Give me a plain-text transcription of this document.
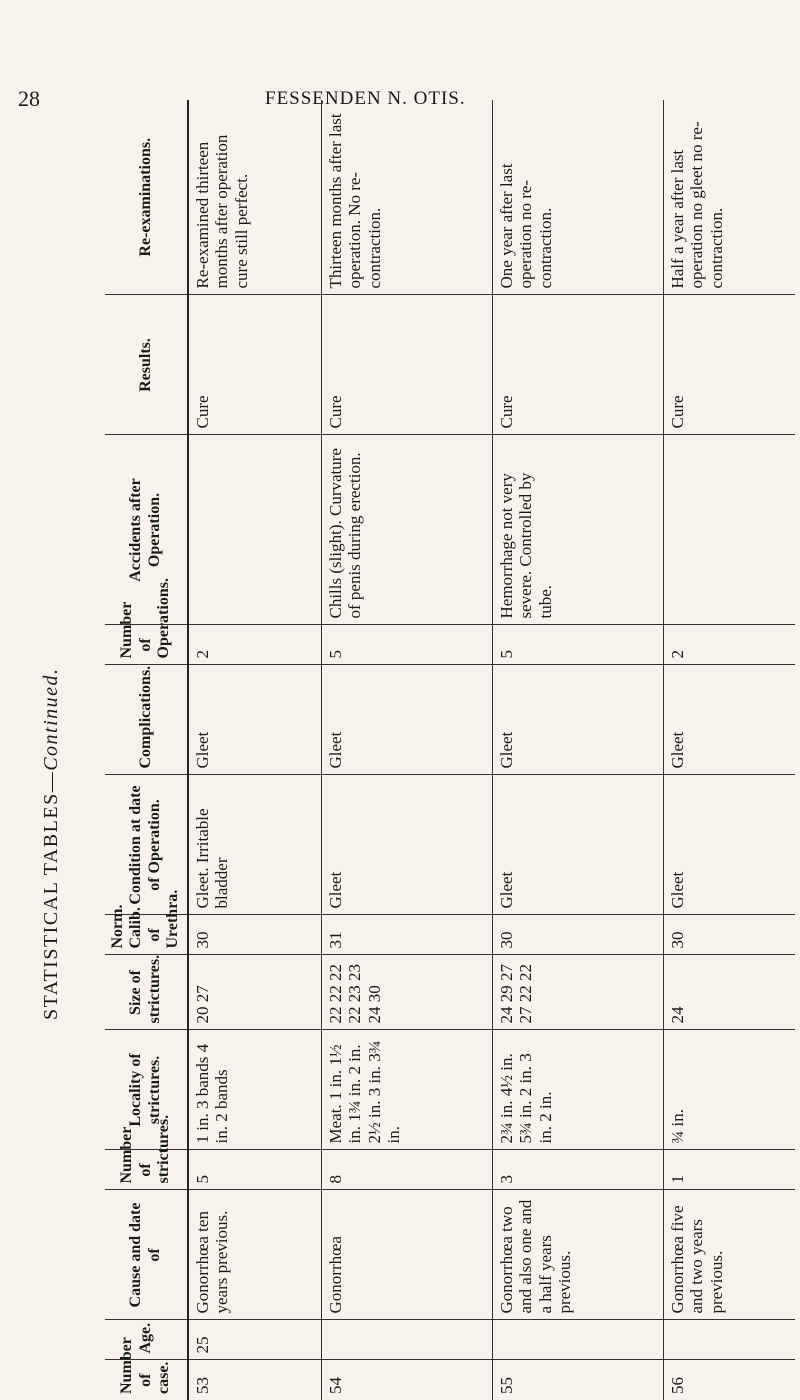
28	FESSENDEN N. OTIS.
STATISTICAL TABLES—Continued.
Number of case.	Age.	Cause and date of	Number of strictures.	Locality of strictures.	Size of strictures.	Norm. Calib. of Urethra.	Condition at date of Operation.	Complications.	Number of Operations.	Accidents after Operation.	Results.	Re-examinations.
53	25	Gonorrhœa ten years previous.	5	1 in. 3 bands 4 in. 2 bands	20 27	30	Gleet. Irritable bladder	Gleet	2		Cure	Re-examined thirteen months after operation cure still perfect.
54		Gonorrhœa	8	Meat. 1 in. 1½ in. 1¾ in. 2 in. 2½ in. 3 in. 3¾ in.	22 22 22 22 23 23 24 30	31	Gleet	Gleet	5	Chills (slight). Curvature of penis during erection.	Cure	Thirteen months after last operation. No re-contraction.
55		Gonorrhœa two and also one and a half years previous.	3	2¾ in. 4½ in. 5¾ in. 2 in. 3 in. 2 in.	24 29 27 27 22 22	30	Gleet	Gleet	5	Hemorrhage not very severe. Controlled by tube.	Cure	One year after last operation no re-contraction.
56		Gonorrhœa five and two years previous.	1	¾ in.	24	30	Gleet	Gleet	2		Cure	Half a year after last operation no gleet no re-contraction.
